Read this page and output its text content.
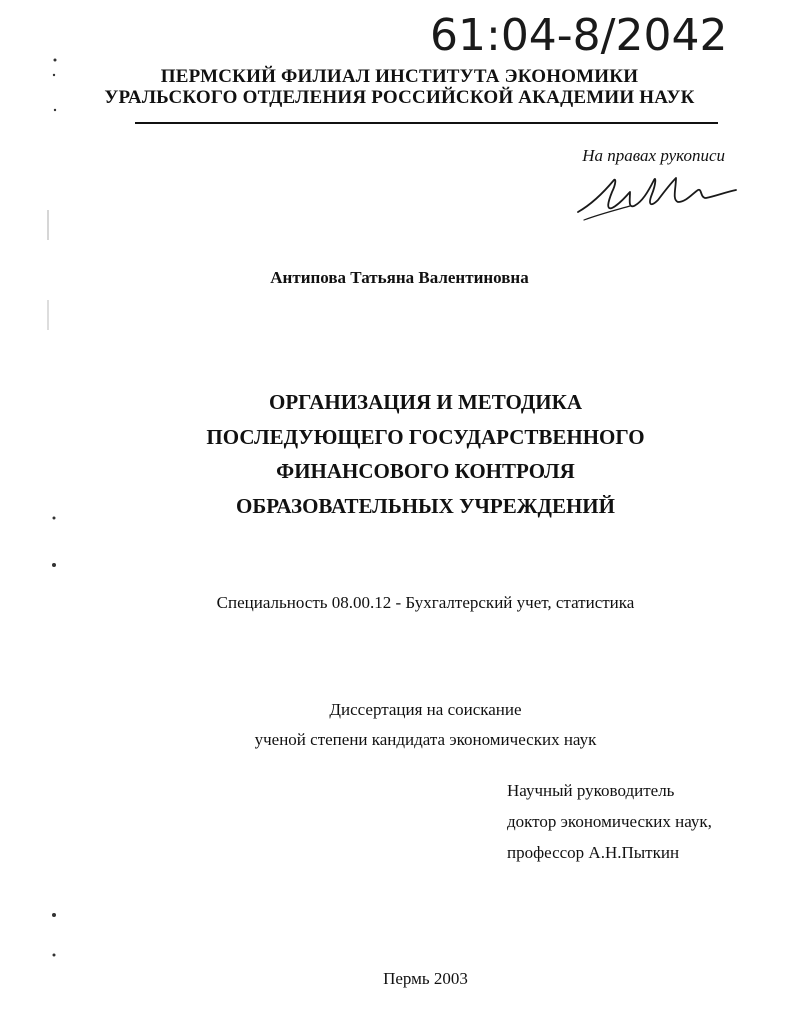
61:04-8/2042
ПЕРМСКИЙ ФИЛИАЛ ИНСТИТУТА ЭКОНОМИКИ
УРАЛЬСКОГО ОТДЕЛЕНИЯ РОССИЙСКОЙ АКАДЕМИИ НАУК
На правах рукописи
Антипова Татьяна Валентиновна
ОРГАНИЗАЦИЯ И МЕТОДИКА
ПОСЛЕДУЮЩЕГО ГОСУДАРСТВЕННОГО
ФИНАНСОВОГО КОНТРОЛЯ
ОБРАЗОВАТЕЛЬНЫХ УЧРЕЖДЕНИЙ
Специальность 08.00.12 - Бухгалтерский учет, статистика
Диссертация на соискание
ученой степени кандидата экономических наук
Научный руководитель
доктор экономических наук,
профессор А.Н.Пыткин
Пермь 2003
